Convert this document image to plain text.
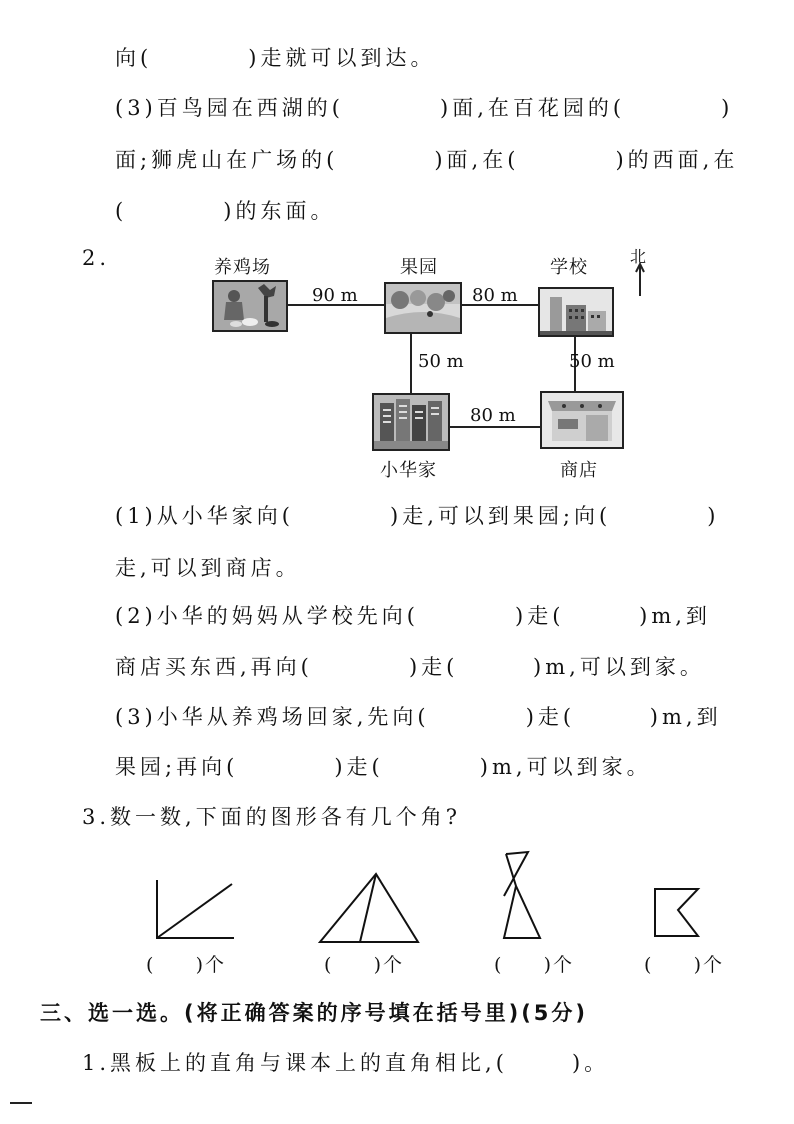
向(         )走就可以到达。
(3)百鸟园在西湖的(         )面,在百花园的(         )
面;狮虎山在广场的(         )面,在(         )的西面,在
(         )的东面。
2.	养鸡场	果园	学校
小华家	商店
90 m	80 m
50 m	50 m
80 m
北
(1)从小华家向(         )走,可以到果园;向(         )
走,可以到商店。
(2)小华的妈妈从学校先向(         )走(       )m,到
商店买东西,再向(         )走(       )m,可以到家。
(3)小华从养鸡场回家,先向(         )走(       )m,到
果园;再向(         )走(         )m,可以到家。
3.数一数,下面的图形各有几个角?
(     )个	(     )个	(     )个	(     )个
三、选一选。(将正确答案的序号填在括号里)(5分)
1.黑板上的直角与课本上的直角相比,(      )。
